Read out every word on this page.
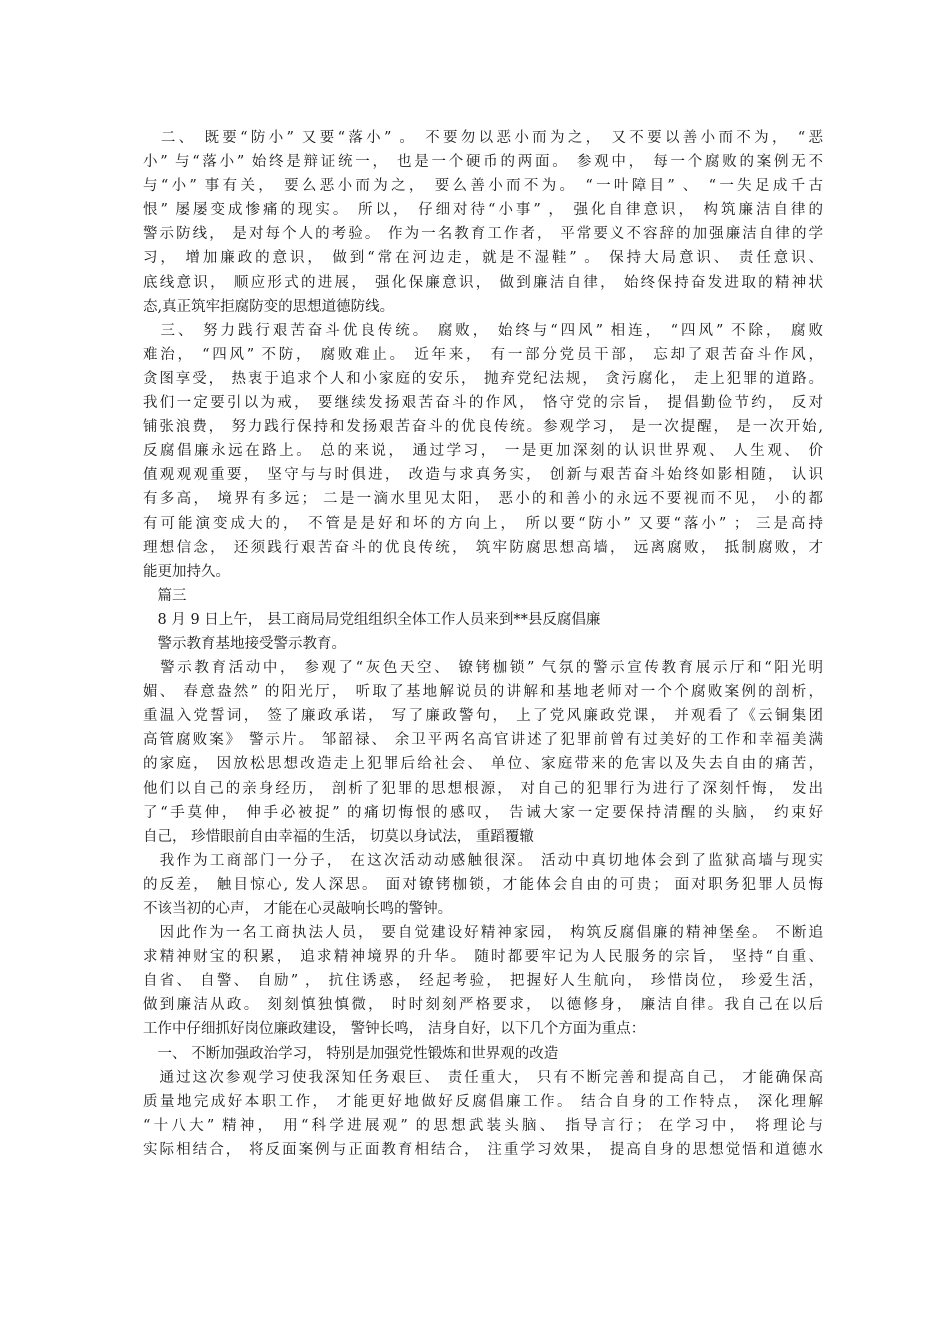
　二、 既要“防小” 又要“落小” 。 不要勿以恶小而为之， 又不要以善小而不为， “恶
小” 与“落小” 始终是辩证统一， 也是一个硬币的两面。 参观中， 每一个腐败的案例无不
与“小” 事有关， 要么恶小而为之， 要么善小而不为。 “一叶障目” 、 “一失足成千古
恨” 屡屡变成惨痛的现实。 所以， 仔细对待“小事” ， 强化自律意识， 构筑廉洁自律的
警示防线， 是对每个人的考验。 作为一名教育工作者， 平常要义不容辞的加强廉洁自律的学
习， 增加廉政的意识， 做到“常在河边走，就是不湿鞋” 。 保持大局意识、 责任意识、
底线意识， 顺应形式的进展， 强化保廉意识， 做到廉洁自律， 始终保持奋发进取的精神状
态,真正筑牢拒腐防变的思想道德防线。
　三、 努力践行艰苦奋斗优良传统。 腐败， 始终与“四风” 相连， “四风” 不除， 腐败
难治， “四风” 不防， 腐败难止。 近年来， 有一部分党员干部， 忘却了艰苦奋斗作风，
贪图享受， 热衷于追求个人和小家庭的安乐， 抛弃党纪法规， 贪污腐化， 走上犯罪的道路。
我们一定要引以为戒， 要继续发扬艰苦奋斗的作风， 恪守党的宗旨， 提倡勤俭节约， 反对
铺张浪费， 努力践行保持和发扬艰苦奋斗的优良传统。参观学习， 是一次提醒， 是一次开始,
反腐倡廉永远在路上。 总的来说， 通过学习， 一是更加深刻的认识世界观、 人生观、 价
值观观观重要， 坚守与与时俱进， 改造与求真务实， 创新与艰苦奋斗始终如影相随， 认识
有多高， 境界有多远； 二是一滴水里见太阳， 恶小的和善小的永远不要视而不见， 小的都
有可能演变成大的， 不管是是好和坏的方向上， 所以要“防小” 又要“落小” ； 三是高持
理想信念， 还须践行艰苦奋斗的优良传统， 筑牢防腐思想高墙， 远离腐败， 抵制腐败，才
能更加持久。
　篇三
　8 月 9 日上午， 县工商局局党组组织全体工作人员来到**县反腐倡廉
　警示教育基地接受警示教育。
　警示教育活动中， 参观了“灰色天空、 镣铐枷锁” 气氛的警示宣传教育展示厅和“阳光明
媚、 春意盎然” 的阳光厅， 听取了基地解说员的讲解和基地老师对一个个腐败案例的剖析，
重温入党誓词， 签了廉政承诺， 写了廉政警句， 上了党风廉政党课， 并观看了《云铜集团
高管腐败案》 警示片。 邹韶禄、 余卫平两名高官讲述了犯罪前曾有过美好的工作和幸福美满
的家庭， 因放松思想改造走上犯罪后给社会、 单位、家庭带来的危害以及失去自由的痛苦，
他们以自己的亲身经历， 剖析了犯罪的思想根源， 对自己的犯罪行为进行了深刻忏悔， 发出
了“手莫伸， 伸手必被捉” 的痛切悔恨的感叹， 告诫大家一定要保持清醒的头脑， 约束好
自己， 珍惜眼前自由幸福的生活， 切莫以身试法， 重蹈覆辙
　我作为工商部门一分子， 在这次活动动感触很深。 活动中真切地体会到了监狱高墙与现实
的反差， 触目惊心, 发人深思。 面对镣铐枷锁，才能体会自由的可贵； 面对职务犯罪人员悔
不该当初的心声， 才能在心灵敲响长鸣的警钟。
　因此作为一名工商执法人员， 要自觉建设好精神家园， 构筑反腐倡廉的精神堡垒。 不断追
求精神财宝的积累， 追求精神境界的升华。 随时都要牢记为人民服务的宗旨， 坚持“自重、
自省、 自警、 自励” ， 抗住诱惑， 经起考验， 把握好人生航向， 珍惜岗位， 珍爱生活，
做到廉洁从政。 刻刻慎独慎微， 时时刻刻严格要求， 以德修身， 廉洁自律。我自己在以后
工作中仔细抓好岗位廉政建设， 警钟长鸣， 洁身自好，以下几个方面为重点：
　一、 不断加强政治学习， 特别是加强党性锻炼和世界观的改造
　通过这次参观学习使我深知任务艰巨、 责任重大， 只有不断完善和提高自己， 才能确保高
质量地完成好本职工作， 才能更好地做好反腐倡廉工作。 结合自身的工作特点， 深化理解
“十八大” 精神， 用“科学进展观” 的思想武装头脑、 指导言行； 在学习中， 将理论与
实际相结合， 将反面案例与正面教育相结合， 注重学习效果， 提高自身的思想觉悟和道德水
